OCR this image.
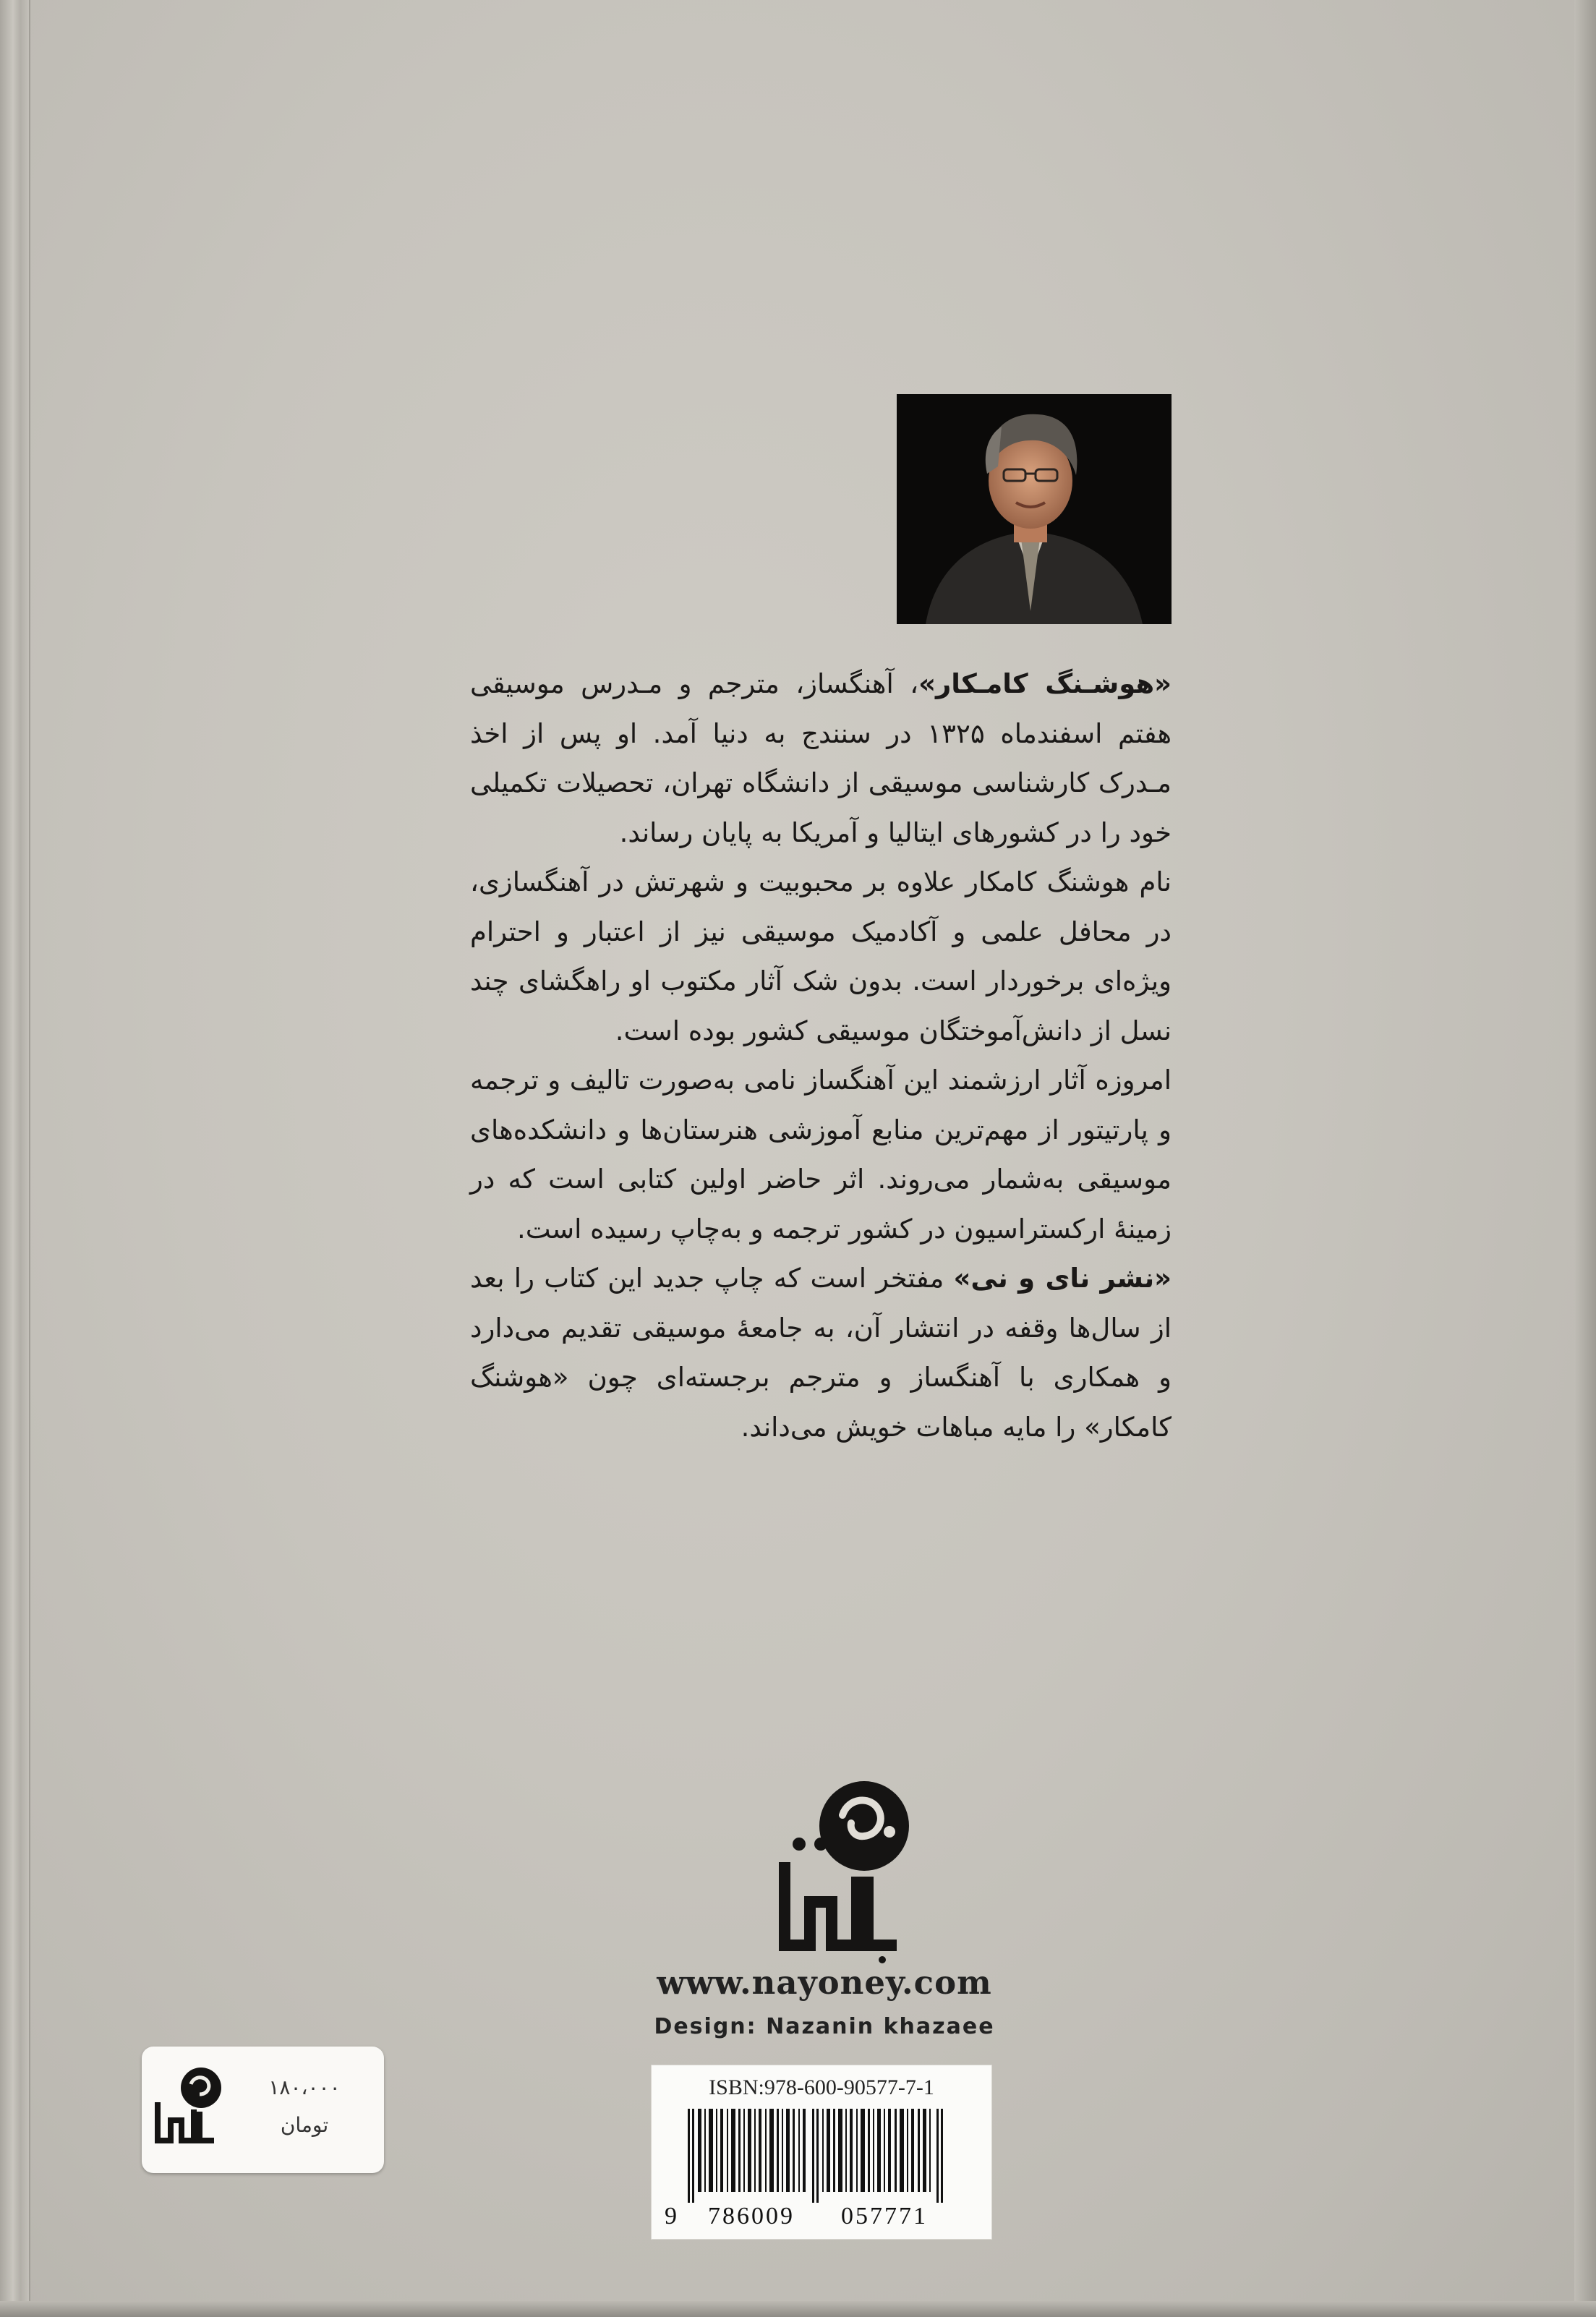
«هوشـنگ کامـکار»، آهنگساز، مترجم و مـدرس موسیقی هفتم اسفندماه ۱۳۲۵ در سنندج به دنیا آمد. او پس از اخذ مـدرک کارشناسی موسیقی از دانشگاه تهران، تحصیلات تکمیلی خود را در کشورهای ایتالیا و آمریکا به پایان رساند.

نام هوشنگ کامکار علاوه بر محبوبیت و شهرتش در آهنگسازی، در محافل علمی و آکادمیک موسیقی نیز از اعتبار و احترام ویژه‌ای برخوردار است. بدون شک آثار مکتوب او راهگشای چند نسل از دانش‌آموختگان موسیقی کشور بوده است.

امروزه آثار ارزشمند این آهنگساز نامی به‌صورت تالیف و ترجمه و پارتیتور از مهم‌ترین منابع آموزشی هنرستان‌ها و دانشکده‌های موسیقی به‌شمار می‌روند. اثر حاضر اولین کتابی است که در زمینهٔ ارکستراسیون در کشور ترجمه و به‌چاپ رسیده است.

«نشر نای و نی» مفتخر است که چاپ جدید این کتاب را بعد از سال‌ها وقفه در انتشار آن، به جامعهٔ موسیقی تقدیم می‌دارد و همکاری با آهنگساز و مترجم برجسته‌ای چون «هوشنگ کامکار» را مایه مباهات خویش می‌داند.

www.nayoney.com
Design: Nazanin khazaee
ISBN:978-600-90577-7-1
9 786009 057771
۱۸۰،۰۰۰
تومان
